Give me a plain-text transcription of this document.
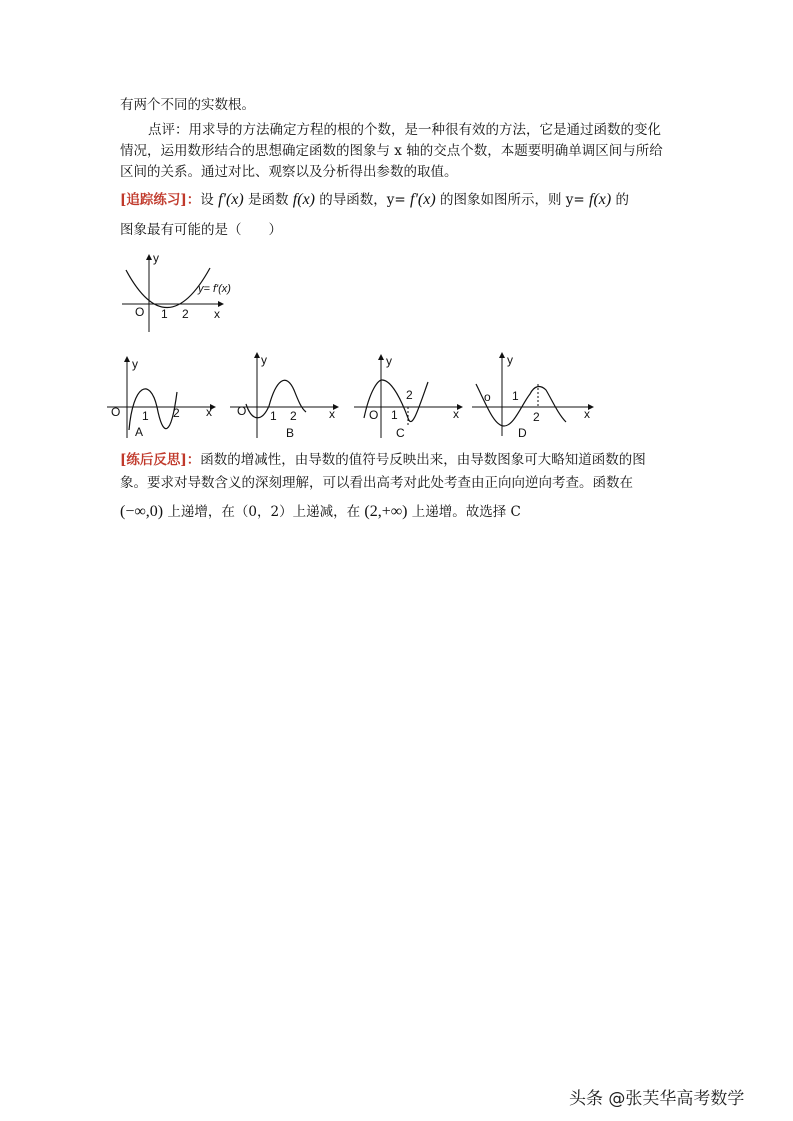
有两个不同的实数根。
点评：用求导的方法确定方程的根的个数，是一种很有效的方法，它是通过函数的变化
情况，运用数形结合的思想确定函数的图象与 x 轴的交点个数，本题要明确单调区间与所给
区间的关系。通过对比、观察以及分析得出参数的取值。
[追踪练习]：设 f'(x) 是函数 f(x) 的导函数，y= f'(x) 的图象如图所示，则 y= f(x) 的
图象最有可能的是（　　）
y
x
O 1 2
y= f'(x)
y
x
O 1 2
A
y
x
O 1 2
B
y
x
O 1
2
C
y
x
o 1
2
D
[练后反思]：函数的增减性，由导数的值符号反映出来，由导数图象可大略知道函数的图
象。要求对导数含义的深刻理解，可以看出高考对此处考查由正向向逆向考查。函数在
(−∞,0) 上递增，在（0，2）上递减，在 (2,+∞) 上递增。故选择 C
头条 @张芙华高考数学
